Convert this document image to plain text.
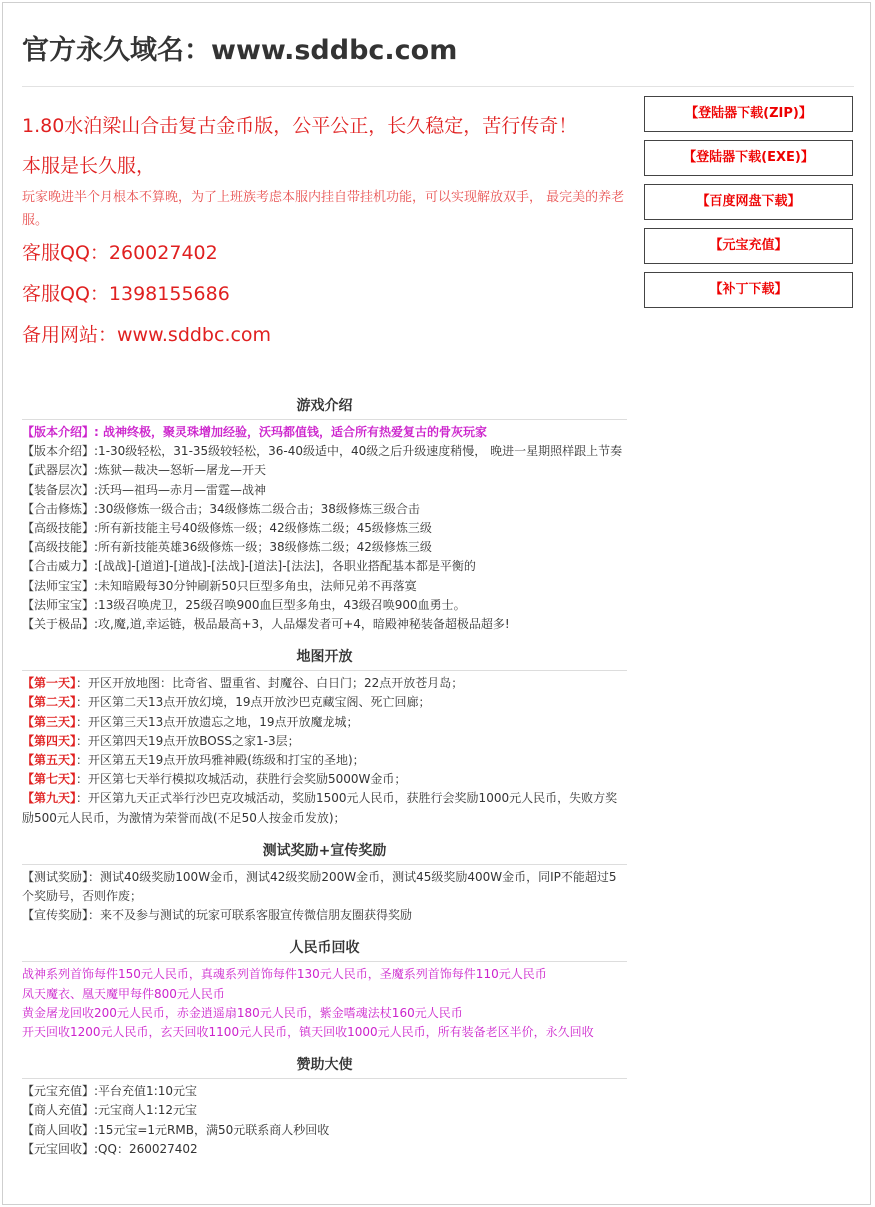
官方永久域名：www.sddbc.com

1.80水泊梁山合击复古金币版，公平公正，长久稳定，苦行传奇！

本服是长久服，

玩家晚进半个月根本不算晚，为了上班族考虑本服内挂自带挂机功能，可以实现解放双手， 最完美的养老服。

客服QQ：260027402

客服QQ：1398155686

备用网站：www.sddbc.com

【登陆器下载(ZIP)】
【登陆器下载(EXE)】
【百度网盘下载】
【元宝充值】
【补丁下载】
游戏介绍
【版本介绍】: 战神终极，聚灵珠增加经验，沃玛都值钱，适合所有热爱复古的骨灰玩家
【版本介绍】:1-30级轻松，31-35级较轻松，36-40级适中，40级之后升级速度稍慢， 晚进一星期照样跟上节奏
【武器层次】:炼狱—裁决—怒斩—屠龙—开天
【装备层次】:沃玛—祖玛—赤月—雷霆—战神
【合击修炼】:30级修炼一级合击；34级修炼二级合击；38级修炼三级合击
【高级技能】:所有新技能主号40级修炼一级；42级修炼二级；45级修炼三级
【高级技能】:所有新技能英雄36级修炼一级；38级修炼二级；42级修炼三级
【合击威力】:[战战]-[道道]-[道战]-[法战]-[道法]-[法法]，各职业搭配基本都是平衡的
【法师宝宝】:未知暗殿每30分钟刷新50只巨型多角虫，法师兄弟不再落寞
【法师宝宝】:13级召唤虎卫，25级召唤900血巨型多角虫，43级召唤900血勇士。
【关于极品】:攻,魔,道,幸运链，极品最高+3，人品爆发者可+4，暗殿神秘装备超极品超多!
地图开放
【第一天】：开区开放地图：比奇省、盟重省、封魔谷、白日门；22点开放苍月岛；
【第二天】：开区第二天13点开放幻境，19点开放沙巴克藏宝阁、死亡回廊；
【第三天】：开区第三天13点开放遗忘之地，19点开放魔龙城；
【第四天】：开区第四天19点开放BOSS之家1-3层；
【第五天】：开区第五天19点开放玛雅神殿(练级和打宝的圣地)；
【第七天】：开区第七天举行模拟攻城活动，获胜行会奖励5000W金币；
【第九天】：开区第九天正式举行沙巴克攻城活动，奖励1500元人民币，获胜行会奖励1000元人民币，失败方奖励500元人民币，为激情为荣誉而战(不足50人按金币发放)；
测试奖励+宣传奖励
【测试奖励】：测试40级奖励100W金币，测试42级奖励200W金币，测试45级奖励400W金币，同IP不能超过5个奖励号，否则作废；
【宣传奖励】：来不及参与测试的玩家可联系客服宣传微信朋友圈获得奖励
人民币回收
战神系列首饰每件150元人民币，真魂系列首饰每件130元人民币，圣魔系列首饰每件110元人民币
凤天魔衣、凰天魔甲每件800元人民币
黄金屠龙回收200元人民币，赤金逍遥扇180元人民币，紫金嗜魂法杖160元人民币
开天回收1200元人民币，玄天回收1100元人民币，镇天回收1000元人民币，所有装备老区半价，永久回收
赞助大使
【元宝充值】:平台充值1:10元宝
【商人充值】:元宝商人1:12元宝
【商人回收】:15元宝=1元RMB，满50元联系商人秒回收
【元宝回收】:QQ：260027402
